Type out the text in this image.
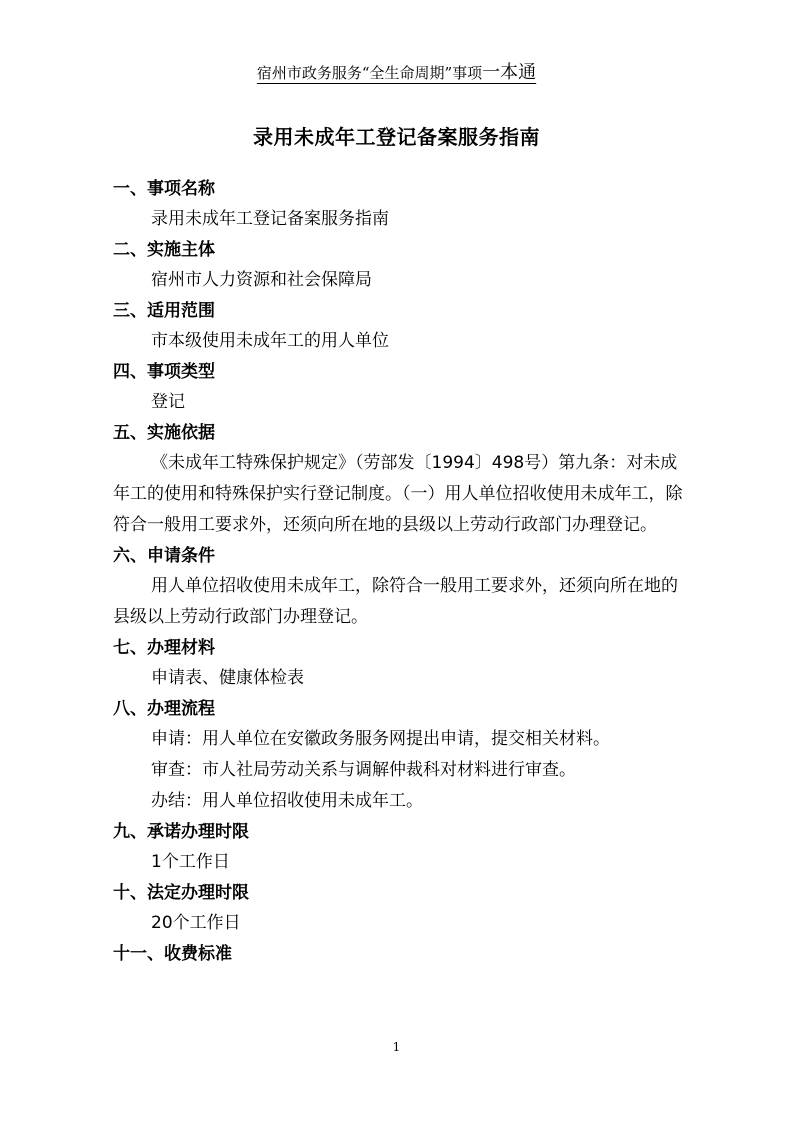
宿州市政务服务“全生命周期”事项一本通
录用未成年工登记备案服务指南
一、事项名称
录用未成年工登记备案服务指南
二、实施主体
宿州市人力资源和社会保障局
三、适用范围
市本级使用未成年工的用人单位
四、事项类型
登记
五、实施依据
《未成年工特殊保护规定》（劳部发〔1994〕498号）第九条：对未成年工的使用和特殊保护实行登记制度。（一）用人单位招收使用未成年工，除符合一般用工要求外，还须向所在地的县级以上劳动行政部门办理登记。
六、申请条件
用人单位招收使用未成年工，除符合一般用工要求外，还须向所在地的县级以上劳动行政部门办理登记。
七、办理材料
申请表、健康体检表
八、办理流程
申请：用人单位在安徽政务服务网提出申请，提交相关材料。
审查：市人社局劳动关系与调解仲裁科对材料进行审查。
办结：用人单位招收使用未成年工。
九、承诺办理时限
1个工作日
十、法定办理时限
20个工作日
十一、收费标准
1
